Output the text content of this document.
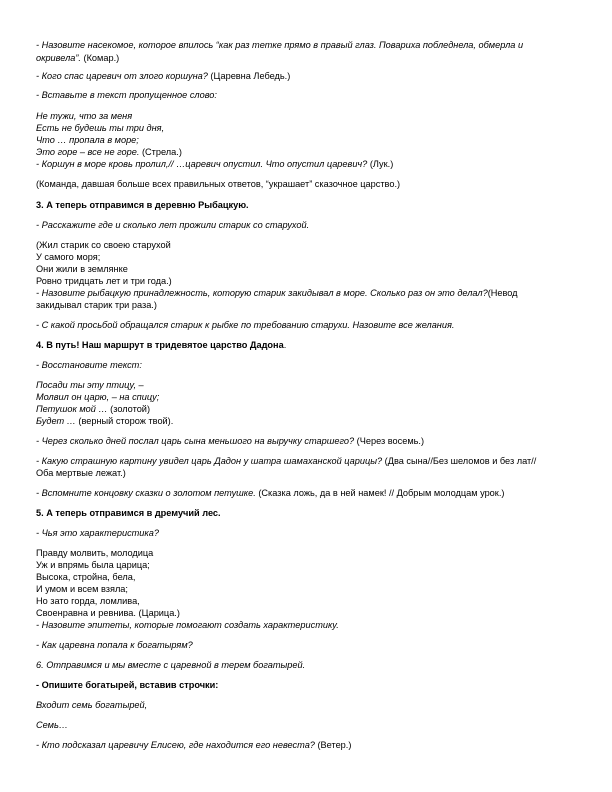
- Назовите насекомое, которое впилось “как раз тетке прямо в правый глаз. Повариха побледнела, обмерла и
окривела”. (Комар.)
- Кого спас царевич от злого коршуна? (Царевна Лебедь.)
- Вставьте в текст пропущенное слово:
Не тужи, что за меня
Есть не будешь ты три дня,
Что … пропала в море;
Это горе – все не горе. (Стрела.)
- Коршун в море кровь пролил,// …царевич опустил. Что опустил царевич? (Лук.)
(Команда, давшая больше всех правильных ответов, “украшает” сказочное царство.)
3. А теперь отправимся в деревню Рыбацкую.
- Расскажите где и сколько лет прожили старик со старухой.
(Жил старик со своею старухой
У самого моря;
Они жили в землянке
Ровно тридцать лет и три года.)
- Назовите рыбацкую принадлежность, которую старик закидывал в море. Сколько раз он это делал?(Невод
закидывал старик три раза.)
- С какой просьбой обращался старик к рыбке по требованию старухи. Назовите все желания.
4. В путь! Наш маршрут в тридевятое царство Дадона.
- Восстановите текст:
Посади ты эту птицу, –
Молвил он царю, – на спицу;
Петушок мой … (золотой)
Будет … (верный сторож твой).
- Через сколько дней послал царь сына меньшого на выручку старшего? (Через восемь.)
- Какую страшную картину увидел царь Дадон у шатра шамаханской царицы? (Два сына//Без шеломов и без лат//
Оба мертвые лежат.)
- Вспомните концовку сказки о золотом петушке. (Сказка ложь, да в ней намек! // Добрым молодцам урок.)
5. А теперь отправимся в дремучий лес.
- Чья это характеристика?
Правду молвить, молодица
Уж и впрямь была царица;
Высока, стройна, бела,
И умом и всем взяла;
Но зато горда, ломлива,
Своенравна и ревнива. (Царица.)
- Назовите эпитеты, которые помогают создать характеристику.
- Как царевна попала к богатырям?
6. Отправимся и мы вместе с царевной в терем богатырей.
- Опишите богатырей, вставив строчки:
Входит семь богатырей,
Семь…
- Кто подсказал царевичу Елисею, где находится его невеста? (Ветер.)
